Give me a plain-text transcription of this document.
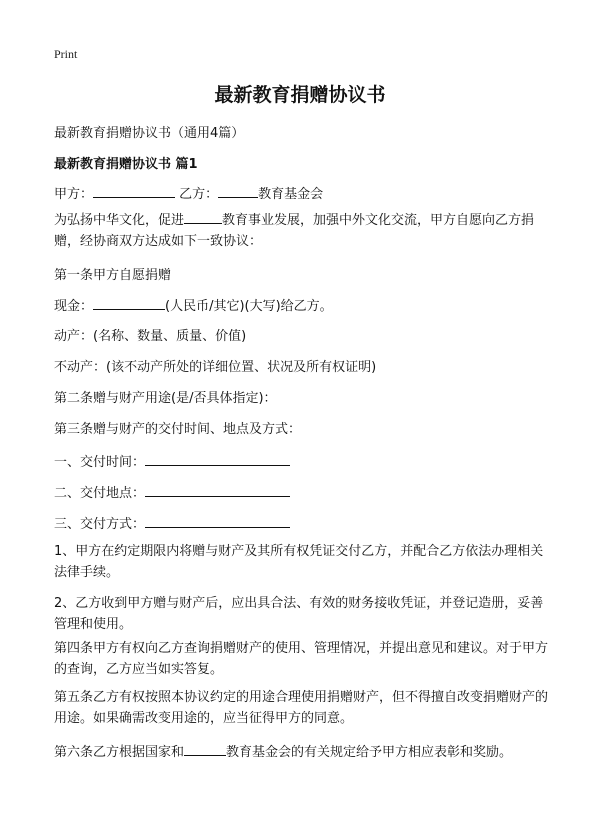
Print
最新教育捐赠协议书
最新教育捐赠协议书（通用4篇）
最新教育捐赠协议书 篇1
甲方：	乙方：	教育基金会
为弘扬中华文化，促进	教育事业发展，加强中外文化交流，甲方自愿向乙方捐赠，经协商双方达成如下一致协议：
第一条甲方自愿捐赠
现金：	(人民币/其它)(大写)给乙方。
动产：(名称、数量、质量、价值)
不动产：(该不动产所处的详细位置、状况及所有权证明)
第二条赠与财产用途(是/否具体指定)：
第三条赠与财产的交付时间、地点及方式：
一、交付时间：
二、交付地点：
三、交付方式：
1、甲方在约定期限内将赠与财产及其所有权凭证交付乙方，并配合乙方依法办理相关法律手续。
2、乙方收到甲方赠与财产后，应出具合法、有效的财务接收凭证，并登记造册，妥善管理和使用。
第四条甲方有权向乙方查询捐赠财产的使用、管理情况，并提出意见和建议。对于甲方的查询，乙方应当如实答复。
第五条乙方有权按照本协议约定的用途合理使用捐赠财产，但不得擅自改变捐赠财产的用途。如果确需改变用途的，应当征得甲方的同意。
第六条乙方根据国家和	教育基金会的有关规定给予甲方相应表彰和奖励。
